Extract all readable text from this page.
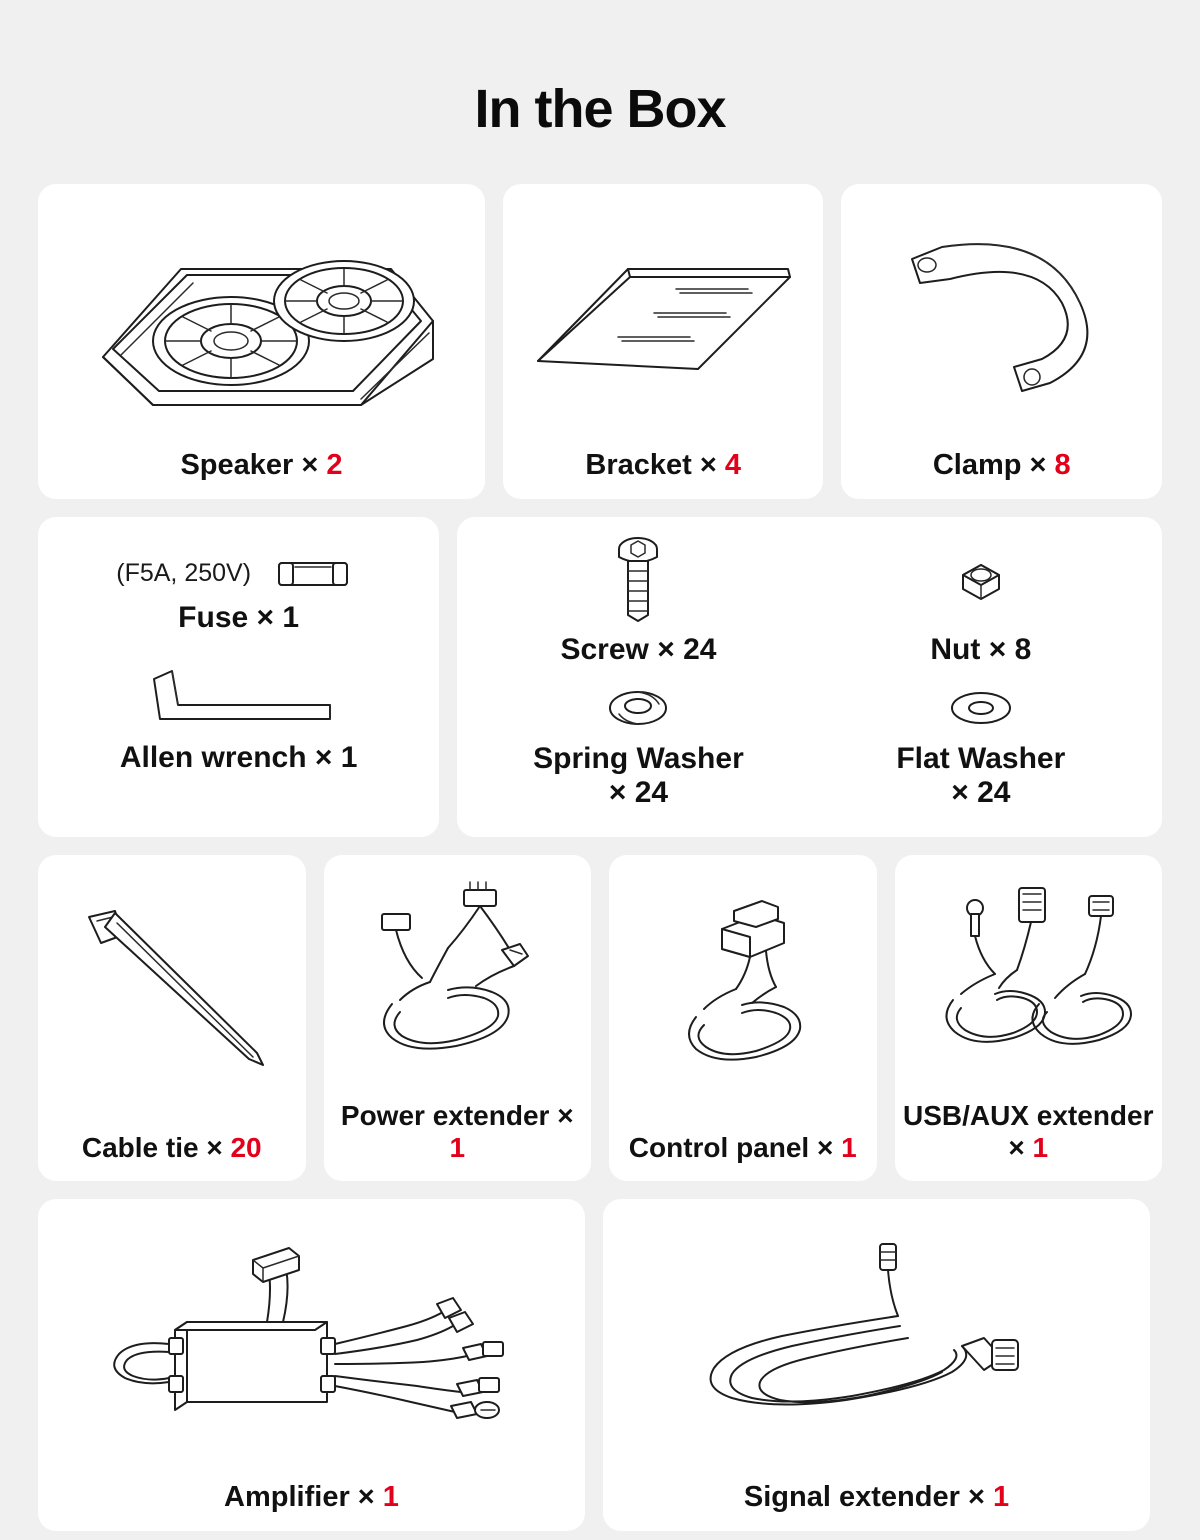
In the Box
Speaker × 2	Bracket × 4	Clamp × 8
(F5A, 250V)
Fuse × 1
Allen wrench × 1
Screw × 24	Nut × 8
Spring Washer
× 24
Flat Washer
× 24
Cable tie × 20
Power extender × 1	Control panel × 1
USB/AUX extender × 1
Amplifier × 1	Signal extender × 1
